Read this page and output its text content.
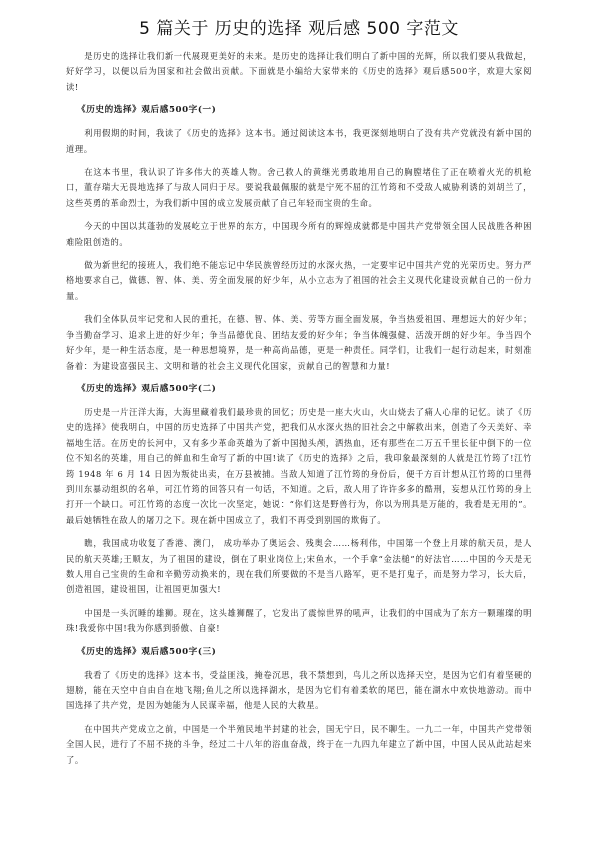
5 篇关于 历史的选择 观后感 500 字范文

是历史的选择让我们新一代展现更美好的未来。是历史的选择让我们明白了新中国的光辉，所以我们要从我做起，好好学习，以便以后为国家和社会做出贡献。下面就是小编给大家带来的《历史的选择》观后感500字，欢迎大家阅读!

《历史的选择》观后感500字(一)

利用假期的时间，我读了《历史的选择》这本书。通过阅读这本书，我更深刻地明白了没有共产党就没有新中国的道理。

在这本书里，我认识了许多伟大的英雄人物。舍己救人的黄继光勇敢地用自己的胸膛堵住了正在喷着火光的机枪口，董存瑞大无畏地选择了与敌人同归于尽。要说我最佩服的就是宁死不屈的江竹筠和不受敌人威胁利诱的刘胡兰了，这些英勇的革命烈士，为我们新中国的成立发展贡献了自己年轻而宝贵的生命。

今天的中国以其蓬勃的发展屹立于世界的东方，中国现今所有的辉煌成就都是中国共产党带领全国人民战胜各种困难险阻创造的。

做为新世纪的接班人，我们绝不能忘记中华民族曾经历过的水深火热，一定要牢记中国共产党的光荣历史。努力严格地要求自己，做德、智、体、美、劳全面发展的好少年，从小立志为了祖国的社会主义现代化建设贡献自己的一份力量。

我们全体队员牢记党和人民的重托，在德、智、体、美、劳等方面全面发展，争当热爱祖国、理想远大的好少年；争当勤奋学习、追求上进的好少年；争当品德优良、团结友爱的好少年；争当体魄强健、活泼开朗的好少年。争当四个好少年，是一种生活态度，是一种思想境界，是一种高尚品德，更是一种责任。同学们，让我们一起行动起来，时刻准备着：为建设富强民主、文明和谐的社会主义现代化国家，贡献自己的智慧和力量!

《历史的选择》观后感500字(二)

历史是一片汪洋大海，大海里藏着我们最珍贵的回忆；历史是一座大火山，火山烧去了痛人心扉的记忆。读了《历史的选择》使我明白，中国的历史选择了中国共产党，把我们从水深火热的旧社会之中解救出来，创造了今天美好、幸福地生活。在历史的长河中，又有多少革命英雄为了新中国抛头颅，洒热血，还有那些在二万五千里长征中倒下的一位位不知名的英雄，用自己的鲜血和生命写了新的中国!读了《历史的选择》之后，我印象最深刻的人就是江竹筠了!江竹筠 1948 年 6 月 14 日因为叛徒出卖，在万县被捕。当敌人知道了江竹筠的身份后，便千方百计想从江竹筠的口里得到川东暴动组织的名单，可江竹筠的回答只有一句话，不知道。之后，敌人用了许许多多的酷刑，妄想从江竹筠的身上打开一个缺口。可江竹筠的态度一次比一次坚定，她说：“你们这是野兽行为，你以为刑具是万能的，我看是无用的”。最后她牺牲在敌人的屠刀之下。现在新中国成立了，我们不再受到别国的欺侮了。

瞧，我国成功收复了香港、澳门， 成功举办了奥运会、残奥会……杨利伟，中国第一个登上月球的航天员，是人民的航天英雄;王顺友，为了祖国的建设，倒在了职业岗位上;宋鱼水，一个手拿“金法槌”的好法官……中国的今天是无数人用自己宝贵的生命和辛勤劳动换来的，现在我们所要做的不是当八路军，更不是打鬼子，而是努力学习，长大后，创造祖国，建设祖国，让祖国更加强大!

中国是一头沉睡的雄狮。现在，这头雄狮醒了，它发出了震惊世界的吼声，让我们的中国成为了东方一颗璀璨的明珠!我爱你中国!我为你感到骄傲、自豪!

《历史的选择》观后感500字(三)

我看了《历史的选择》这本书，受益匪浅，掩卷沉思，我不禁想到，鸟儿之所以选择天空，是因为它们有着坚硬的翅膀，能在天空中自由自在地飞翔;鱼儿之所以选择湖水，是因为它们有着柔软的尾巴，能在湖水中欢快地游动。而中国选择了共产党，是因为她能为人民谋幸福，他是人民的大救星。

在中国共产党成立之前，中国是一个半殖民地半封建的社会，国无宁日，民不聊生。一九二一年，中国共产党带领全国人民，进行了不屈不挠的斗争，经过二十八年的浴血奋战，终于在一九四九年建立了新中国，中国人民从此站起来了。
